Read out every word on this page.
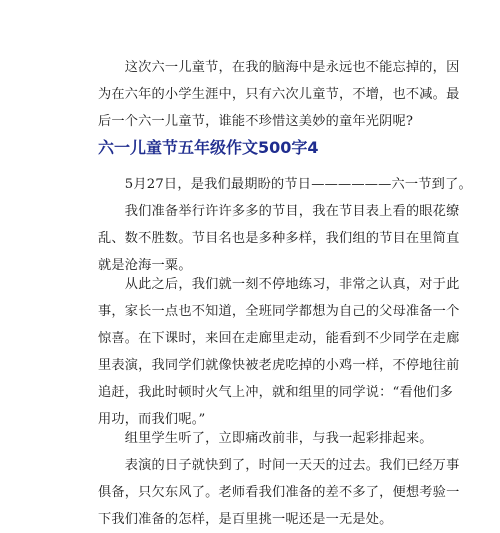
　　这次六一儿童节，在我的脑海中是永远也不能忘掉的，因
为在六年的小学生涯中，只有六次儿童节，不增，也不减。最
后一个六一儿童节，谁能不珍惜这美妙的童年光阴呢?

六一儿童节五年级作文500字4

　　5月27日，是我们最期盼的节日——————六一节到了。

　　我们准备举行许许多多的节目，我在节目表上看的眼花缭
乱、数不胜数。节目名也是多种多样，我们组的节目在里简直
就是沧海一粟。

　　从此之后，我们就一刻不停地练习，非常之认真，对于此
事，家长一点也不知道，全班同学都想为自己的父母准备一个
惊喜。在下课时，来回在走廊里走动，能看到不少同学在走廊
里表演，我同学们就像快被老虎吃掉的小鸡一样，不停地往前
追赶，我此时顿时火气上冲，就和组里的同学说：“看他们多
用功，而我们呢。”

　　组里学生听了，立即痛改前非，与我一起彩排起来。

　　表演的日子就快到了，时间一天天的过去。我们已经万事
俱备，只欠东风了。老师看我们准备的差不多了，便想考验一
下我们准备的怎样，是百里挑一呢还是一无是处。
